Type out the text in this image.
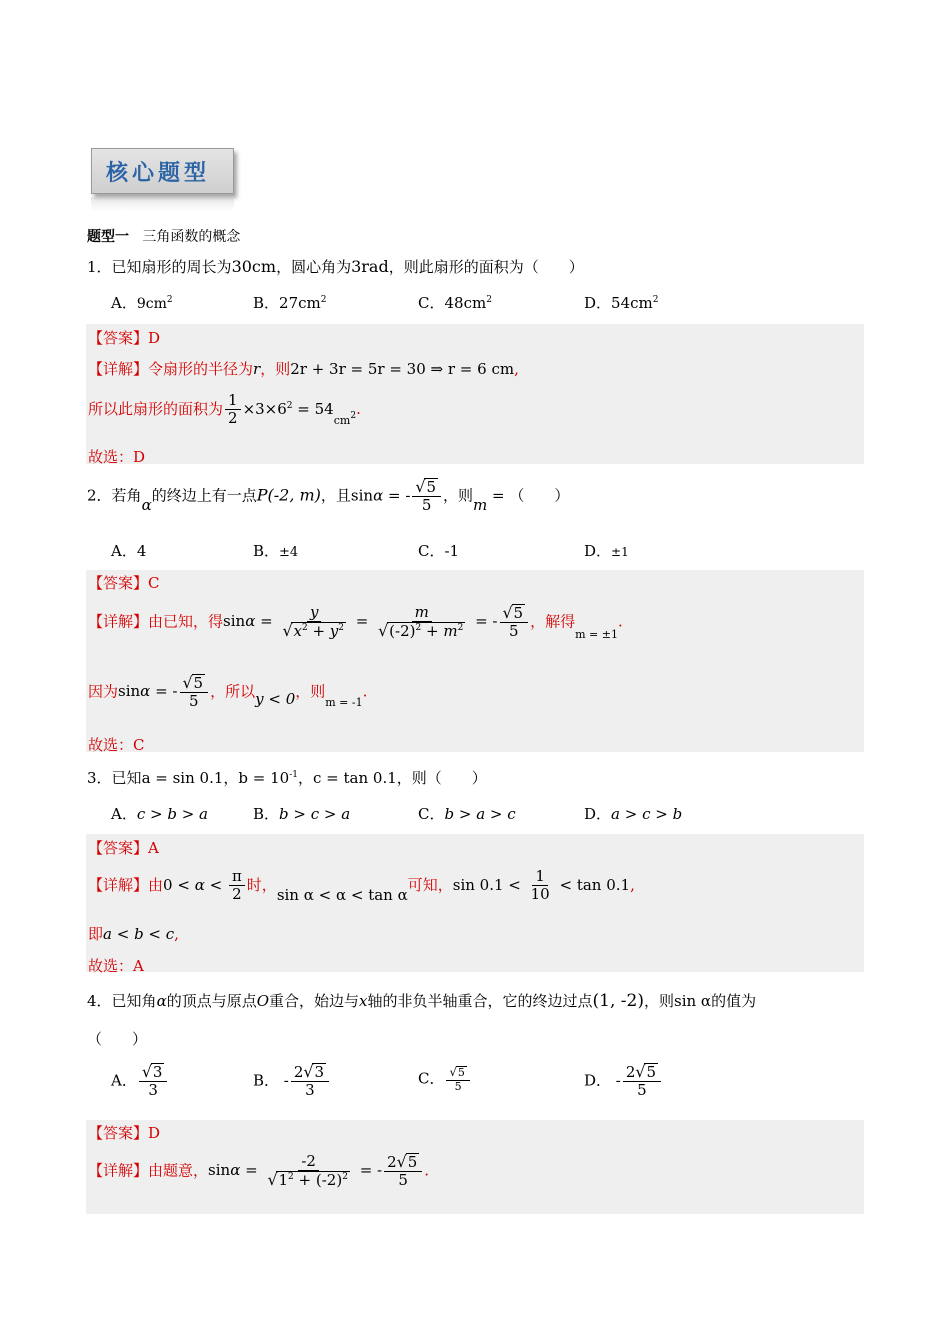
核心题型
题型一 三角函数的概念
1．已知扇形的周长为30cm，圆心角为3rad，则此扇形的面积为（　　）
A．$9cm^2$	B．$27cm^2$	C．$48cm^2$	D．$54cm^2$
【答案】D
【详解】令扇形的半径为r，则2r + 3r = 5r = 30 ⇒ r = 6 cm,
所以此扇形的面积为 $\frac{1}{2} \times 3\times 6^2 = 54cm^2$.
故选：D
2．若角α的终边上有一点P(-2, m)，且sinα = - $\frac{√5}{5}$ ，则m = （　　）
A．4	B．±4	C．-1	D．±1
【答案】C
【详解】由已知，得$\sin\alpha = \frac{y}{√x^2 + y^2} = \frac{m}{√(-2)^2 + m^2}$ = - $\frac{√5}{5}$ ，解得$_{m = \pm 1}$.
因为sinα = - $\frac{√5}{5}$ ，所以y < 0，则$_{m = -1}$.
故选：C
3．已知a = sin 0.1，$b = 10^{-1}$，c = tan 0.1，则（　　）
A．c > b > a	B．b > c > a	C．b > a > c	D．a > c > b
【答案】A
【详解】由$0 < \alpha < \frac{\pi}{2}$ 时，sin α < α < tan α可知，$\sin 0.1 < \frac{1}{10} < \tan 0.1$,
即a < b < c,
故选：A
4．已知角α的顶点与原点O重合，始边与x轴的非负半轴重合，它的终边过点(1, -2)，则sin α的值为
（　　）
A． $\frac{√3}{3}$	B． - $\frac{2√3}{3}$	C． $\frac{√5}{5}$	D． - $\frac{2√5}{5}$
【答案】D
【详解】由题意，$\sin\alpha = \frac{-2}{√1^2 + (-2)^2}$ = - $\frac{2√5}{5}$ .
